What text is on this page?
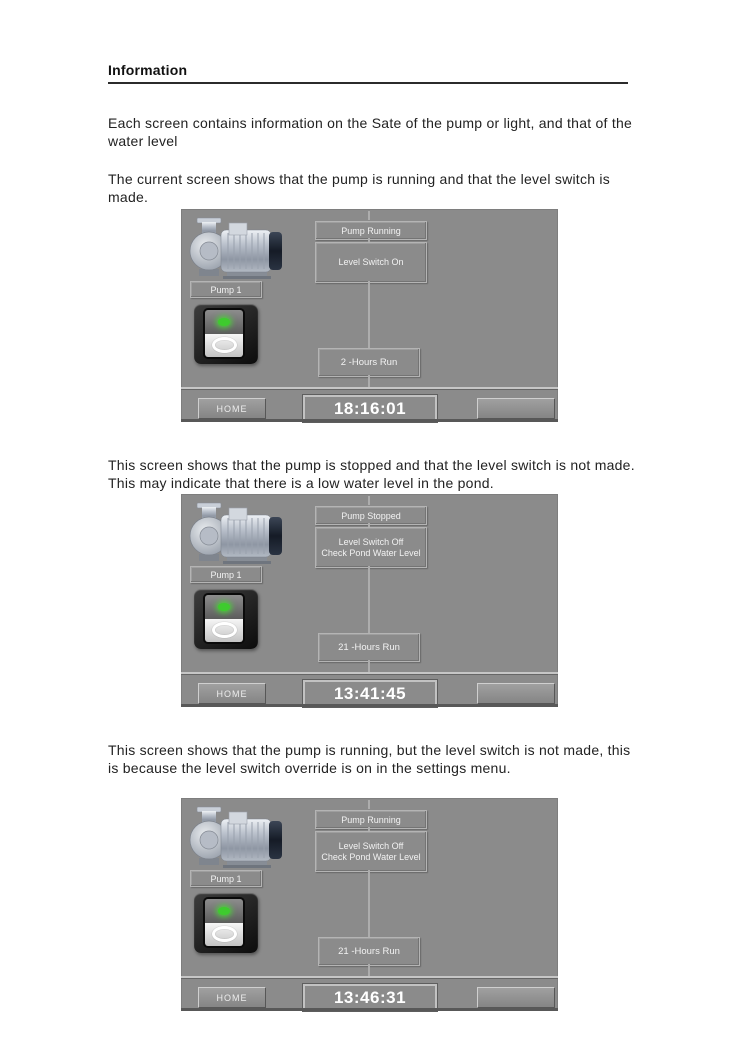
Information

Each screen contains information on the Sate of the pump or light, and that of the water level

The current screen shows that the pump is running and that the level switch is made.

This screen shows that the pump is stopped and that the level switch is not made. This may indicate that there is a low water level in the pond.

This screen shows that the pump is running, but the level switch is not made, this is because the level switch override is on in the settings menu.

Pump Running
Level Switch On
Pump 1
2 -Hours Run
HOME	18:16:01
Pump Stopped
Level Switch Off
Check Pond Water Level
Pump 1
21 -Hours Run
HOME	13:41:45
Pump Running
Level Switch Off
Check Pond Water Level
Pump 1
21 -Hours Run
HOME	13:46:31
